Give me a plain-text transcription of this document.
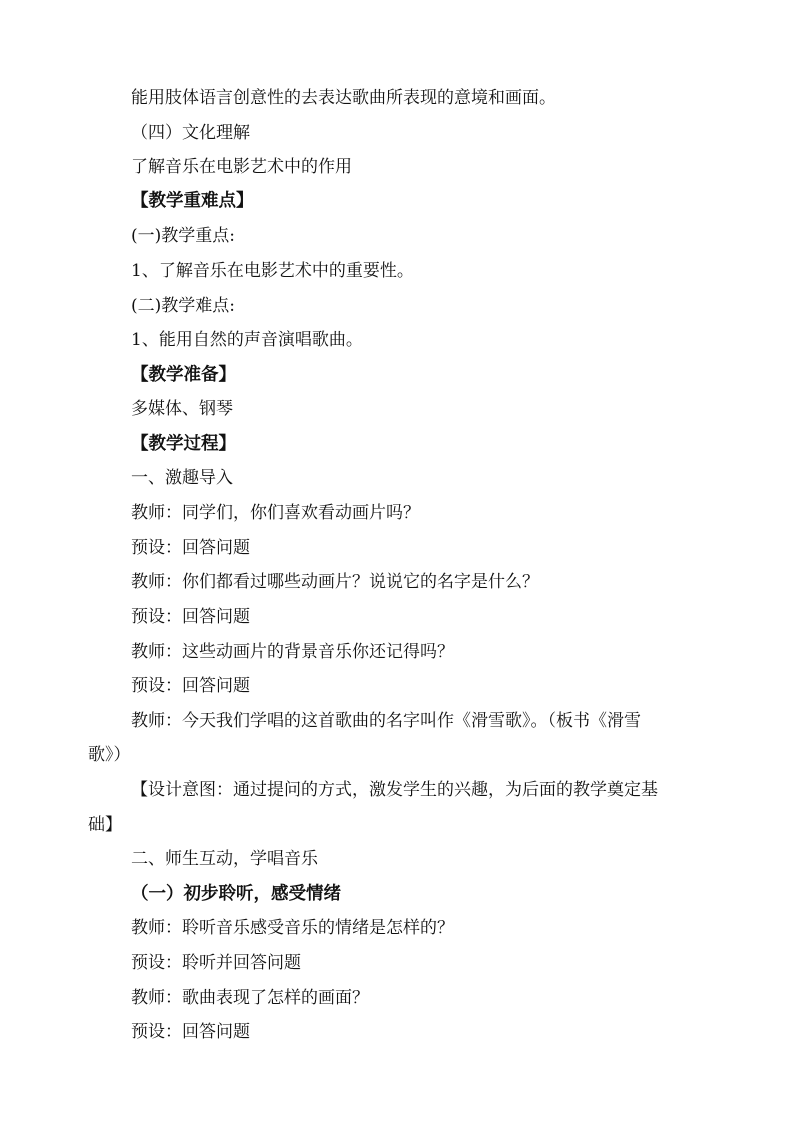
能用肢体语言创意性的去表达歌曲所表现的意境和画面。
（四）文化理解
了解音乐在电影艺术中的作用
【教学重难点】
(一)教学重点:
1、了解音乐在电影艺术中的重要性。
(二)教学难点:
1、能用自然的声音演唱歌曲。
【教学准备】
多媒体、钢琴
【教学过程】
一、激趣导入
教师：同学们，你们喜欢看动画片吗？
预设：回答问题
教师：你们都看过哪些动画片？说说它的名字是什么？
预设：回答问题
教师：这些动画片的背景音乐你还记得吗？
预设：回答问题
教师：今天我们学唱的这首歌曲的名字叫作《滑雪歌》。（板书《滑雪
歌》）
【设计意图：通过提问的方式，激发学生的兴趣，为后面的教学奠定基
础】
二、师生互动，学唱音乐
（一）初步聆听，感受情绪
教师：聆听音乐感受音乐的情绪是怎样的？
预设：聆听并回答问题
教师：歌曲表现了怎样的画面？
预设：回答问题
